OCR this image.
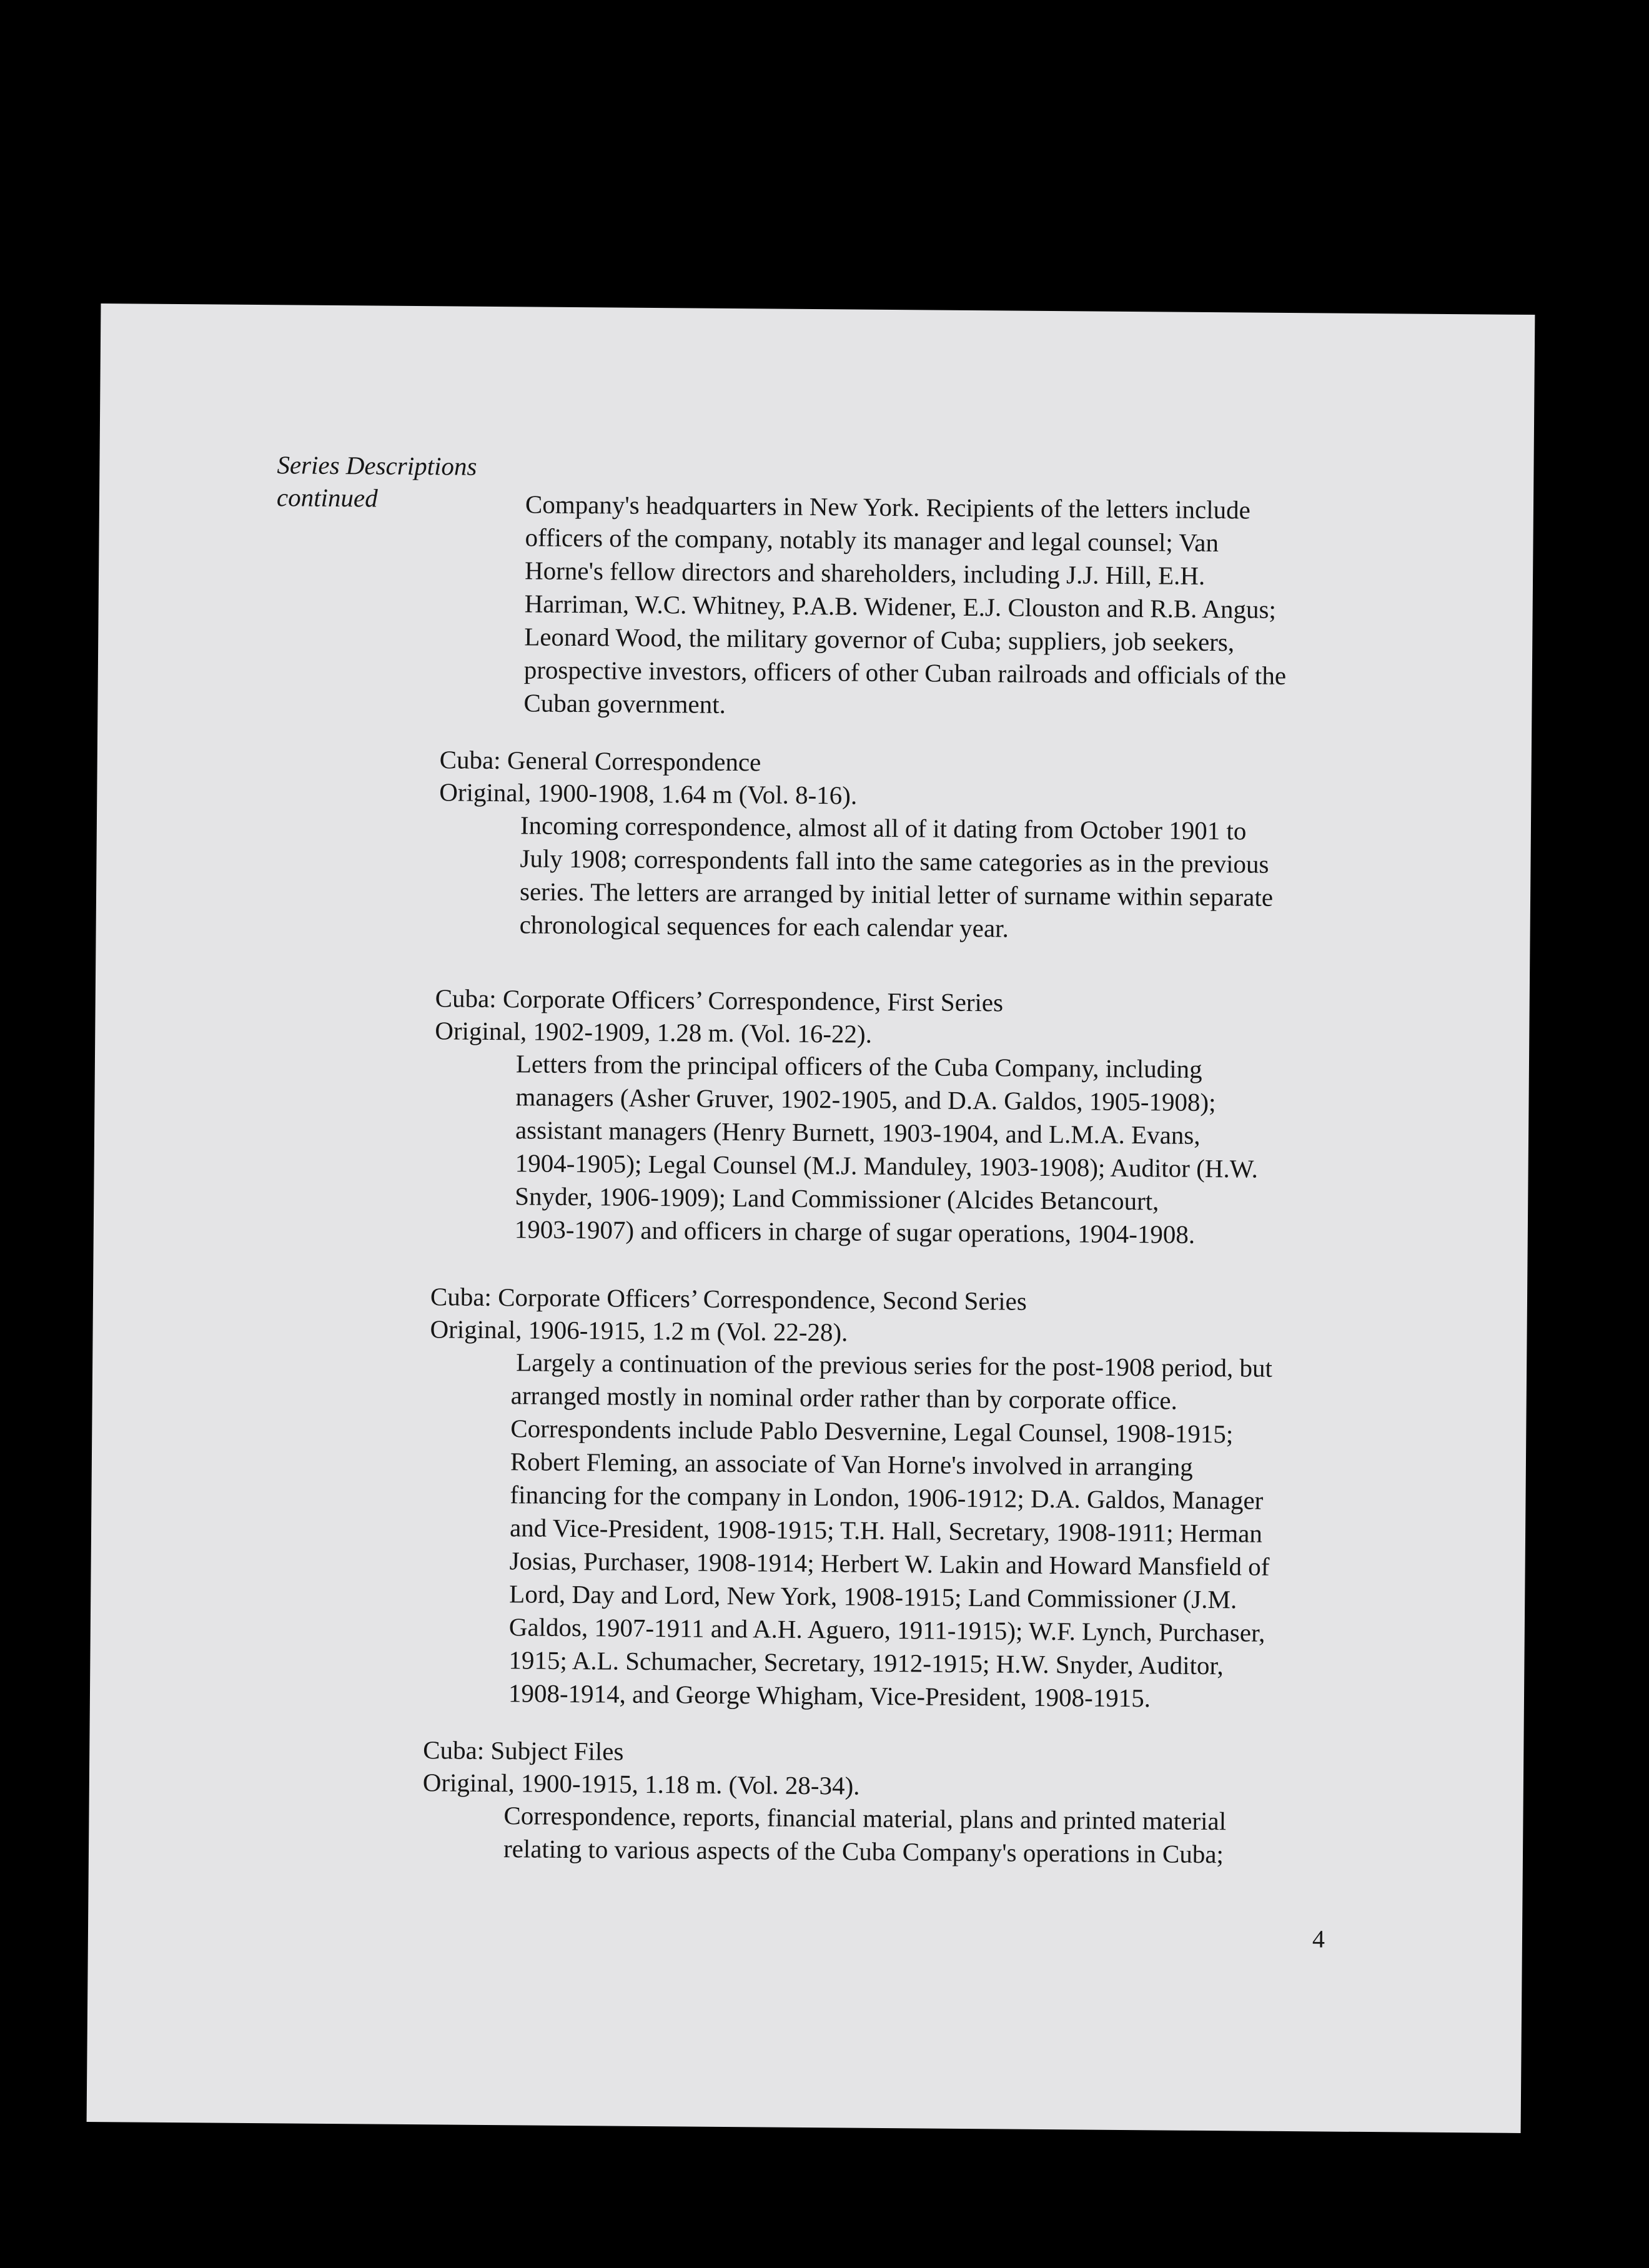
Series Descriptions
continued	Company's headquarters in New York. Recipients of the letters include
officers of the company, notably its manager and legal counsel; Van
Horne's fellow directors and shareholders, including J.J. Hill, E.H.
Harriman, W.C. Whitney, P.A.B. Widener, E.J. Clouston and R.B. Angus;
Leonard Wood, the military governor of Cuba; suppliers, job seekers,
prospective investors, officers of other Cuban railroads and officials of the
Cuban government.
Cuba: General Correspondence
Original, 1900-1908, 1.64 m (Vol. 8-16).
Incoming correspondence, almost all of it dating from October 1901 to
July 1908; correspondents fall into the same categories as in the previous
series. The letters are arranged by initial letter of surname within separate
chronological sequences for each calendar year.
Cuba: Corporate Officers’ Correspondence, First Series
Original, 1902-1909, 1.28 m. (Vol. 16-22).
Letters from the principal officers of the Cuba Company, including
managers (Asher Gruver, 1902-1905, and D.A. Galdos, 1905-1908);
assistant managers (Henry Burnett, 1903-1904, and L.M.A. Evans,
1904-1905); Legal Counsel (M.J. Manduley, 1903-1908); Auditor (H.W.
Snyder, 1906-1909); Land Commissioner (Alcides Betancourt,
1903-1907) and officers in charge of sugar operations, 1904-1908.
Cuba: Corporate Officers’ Correspondence, Second Series
Original, 1906-1915, 1.2 m (Vol. 22-28).
Largely a continuation of the previous series for the post-1908 period, but
arranged mostly in nominal order rather than by corporate office.
Correspondents include Pablo Desvernine, Legal Counsel, 1908-1915;
Robert Fleming, an associate of Van Horne's involved in arranging
financing for the company in London, 1906-1912; D.A. Galdos, Manager
and Vice-President, 1908-1915; T.H. Hall, Secretary, 1908-1911; Herman
Josias, Purchaser, 1908-1914; Herbert W. Lakin and Howard Mansfield of
Lord, Day and Lord, New York, 1908-1915; Land Commissioner (J.M.
Galdos, 1907-1911 and A.H. Aguero, 1911-1915); W.F. Lynch, Purchaser,
1915; A.L. Schumacher, Secretary, 1912-1915; H.W. Snyder, Auditor,
1908-1914, and George Whigham, Vice-President, 1908-1915.
Cuba: Subject Files
Original, 1900-1915, 1.18 m. (Vol. 28-34).
Correspondence, reports, financial material, plans and printed material
relating to various aspects of the Cuba Company's operations in Cuba;
4
